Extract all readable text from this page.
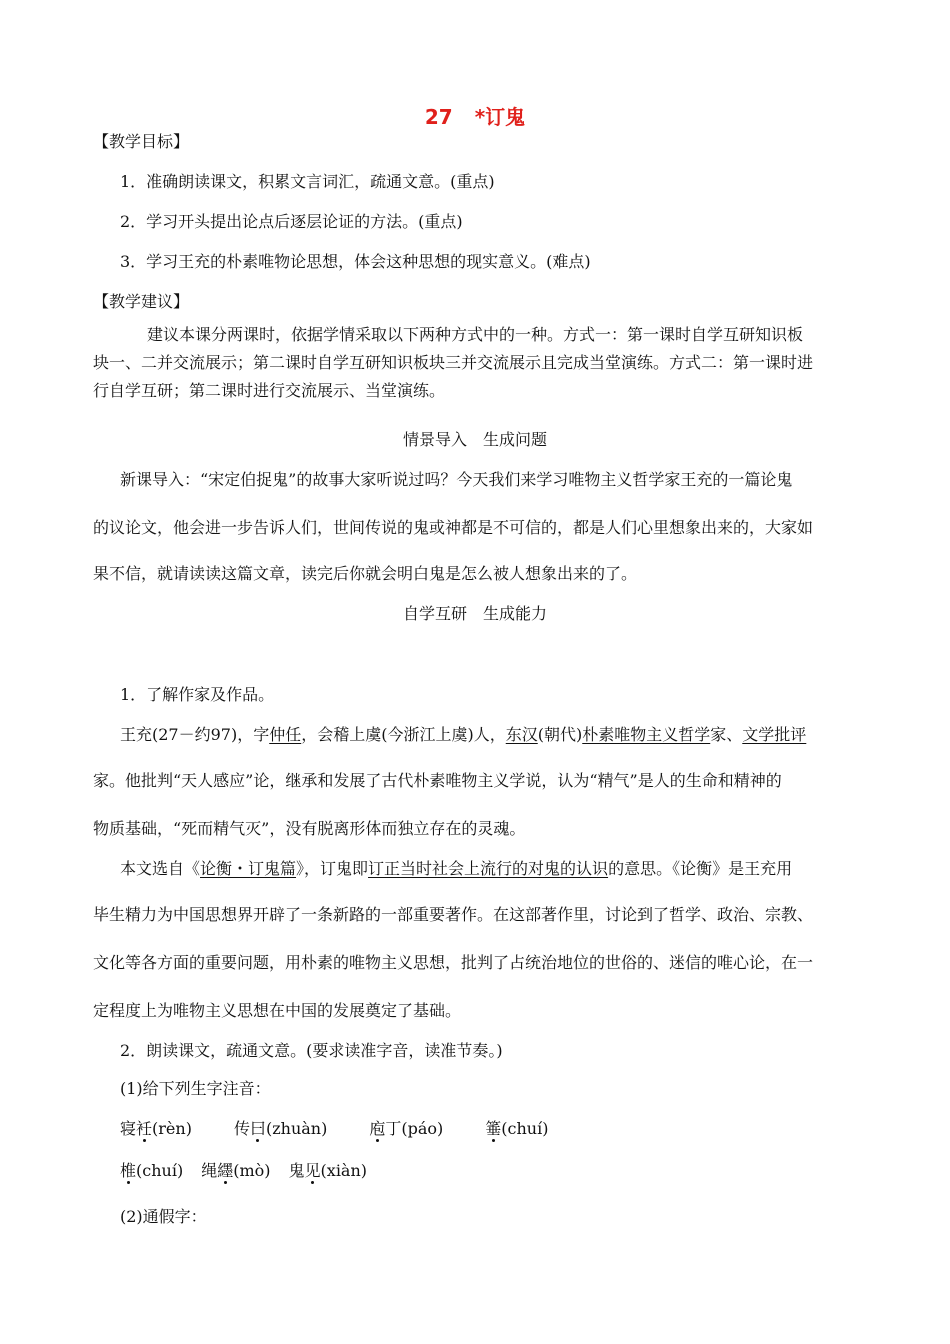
27 *订鬼
【教学目标】
1．准确朗读课文，积累文言词汇，疏通文意。(重点)
2．学习开头提出论点后逐层论证的方法。(重点)
3．学习王充的朴素唯物论思想，体会这种思想的现实意义。(难点)
【教学建议】
建议本课分两课时，依据学情采取以下两种方式中的一种。方式一：第一课时自学互研知识板
块一、二并交流展示；第二课时自学互研知识板块三并交流展示且完成当堂演练。方式二：第一课时进
行自学互研；第二课时进行交流展示、当堂演练。
情景导入　生成问题
新课导入：“宋定伯捉鬼”的故事大家听说过吗？今天我们来学习唯物主义哲学家王充的一篇论鬼
的议论文，他会进一步告诉人们，世间传说的鬼或神都是不可信的，都是人们心里想象出来的，大家如
果不信，就请读读这篇文章，读完后你就会明白鬼是怎么被人想象出来的了。
自学互研　生成能力
1．了解作家及作品。
王充(27－约97)，字仲任，会稽上虞(今浙江上虞)人，东汉(朝代)朴素唯物主义哲学家、文学批评
家。他批判“天人感应”论，继承和发展了古代朴素唯物主义学说，认为“精气”是人的生命和精神的
物质基础，“死而精气灭”，没有脱离形体而独立存在的灵魂。
本文选自《论衡・订鬼篇》，订鬼即订正当时社会上流行的对鬼的认识的意思。《论衡》是王充用
毕生精力为中国思想界开辟了一条新路的一部重要著作。在这部著作里，讨论到了哲学、政治、宗教、
文化等各方面的重要问题，用朴素的唯物主义思想，批判了占统治地位的世俗的、迷信的唯心论，在一
定程度上为唯物主义思想在中国的发展奠定了基础。
2．朗读课文，疏通文意。(要求读准字音，读准节奏。)
(1)给下列生字注音：
寝衽(rèn)	传曰(zhuàn)	庖丁(páo)	箠(chuí)
椎(chuí) 绳纆(mò) 鬼见(xiàn)
(2)通假字：
